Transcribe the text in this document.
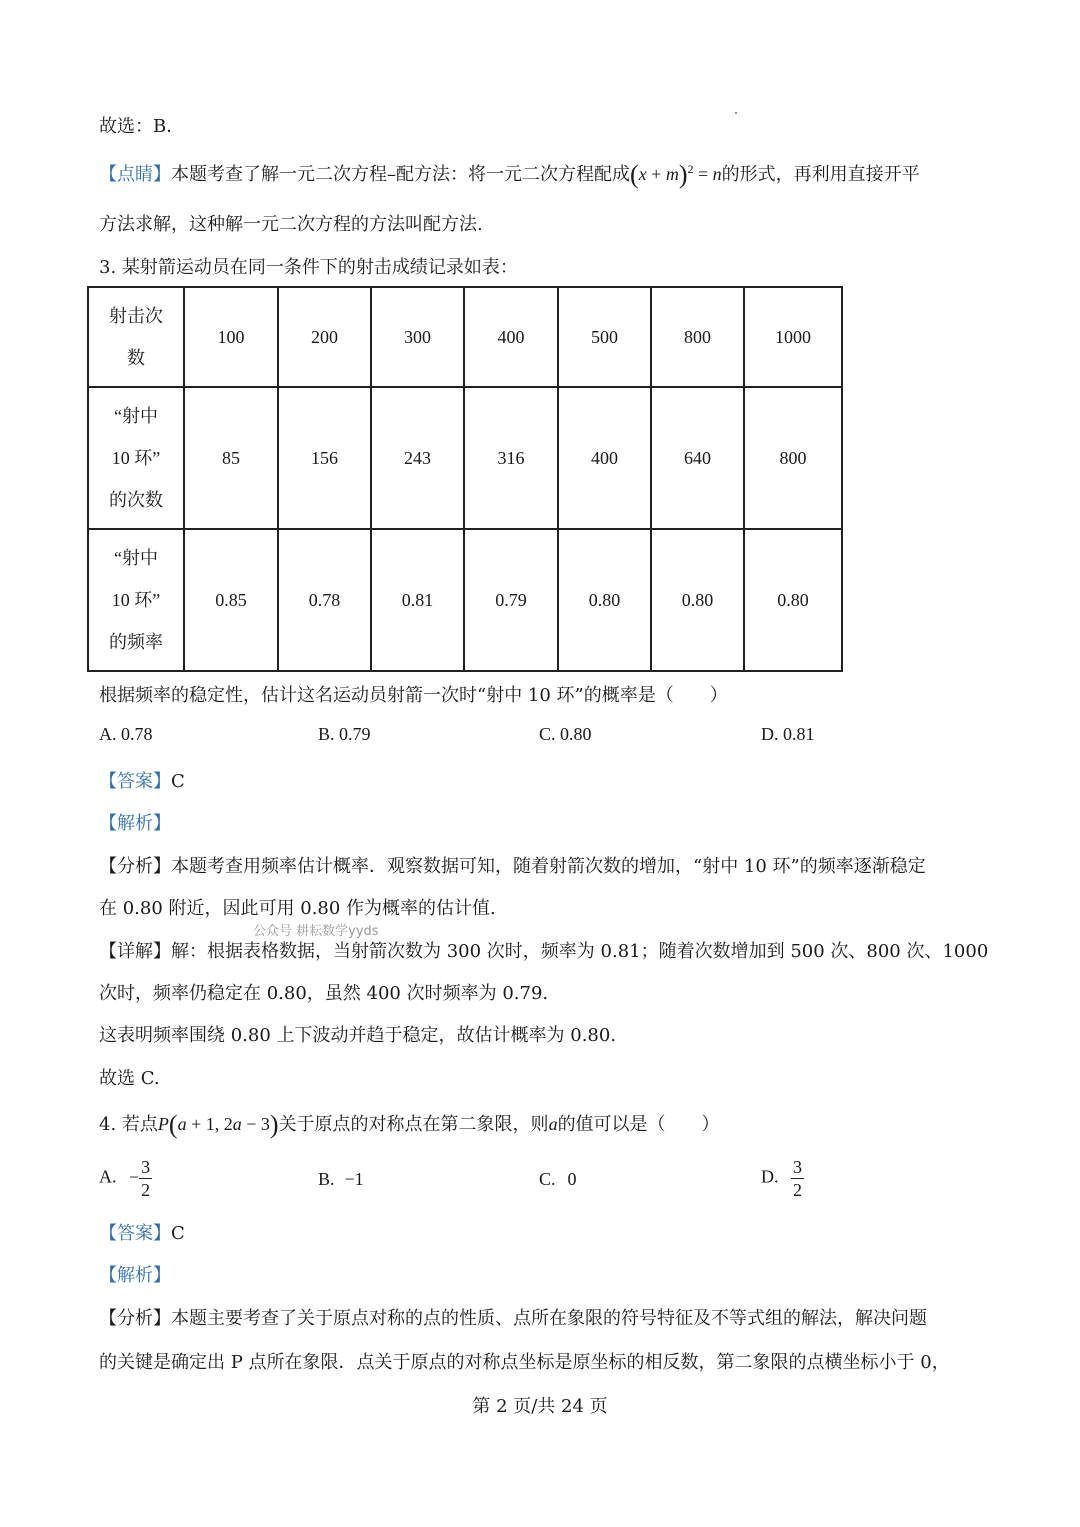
故选：B．
【点睛】本题考查了解一元二次方程–配方法：将一元二次方程配成$(x + m)^2 = n$的形式，再利用直接开平
方法求解，这种解一元二次方程的方法叫配方法.
3. 某射箭运动员在同一条件下的射击成绩记录如表：
射击次
数	100	200	300	400	500	800	1000

“射中
10 环”
的次数	85	156	243	316	400	640	800

“射中
10 环”
的频率	0.85	0.78	0.81	0.79	0.80	0.80	0.80
根据频率的稳定性，估计这名运动员射箭一次时“射中 10 环”的概率是（　　）
A. 0.78	B. 0.79	C. 0.80	D. 0.81
【答案】C
【解析】
【分析】本题考查用频率估计概率．观察数据可知，随着射箭次数的增加，“射中 10 环”的频率逐渐稳定
在 0.80 附近，因此可用 0.80 作为概率的估计值.
公众号 耕耘数学yyds
【详解】解：根据表格数据，当射箭次数为 300 次时，频率为 0.81；随着次数增加到 500 次、800 次、1000
次时，频率仍稳定在 0.80，虽然 400 次时频率为 0.79.
这表明频率围绕 0.80 上下波动并趋于稳定，故估计概率为 0.80.
故选 C.
4. 若点P(a + 1, 2a − 3)关于原点的对称点在第二象限，则a的值可以是（　　）
A. − $\frac{3}{2}$	B. −1	C. 0	D. $\frac{3}{2}$
【答案】C
【解析】
【分析】本题主要考查了关于原点对称的点的性质、点所在象限的符号特征及不等式组的解法，解决问题
的关键是确定出 P 点所在象限．点关于原点的对称点坐标是原坐标的相反数，第二象限的点横坐标小于 0，
第 2 页/共 24 页
